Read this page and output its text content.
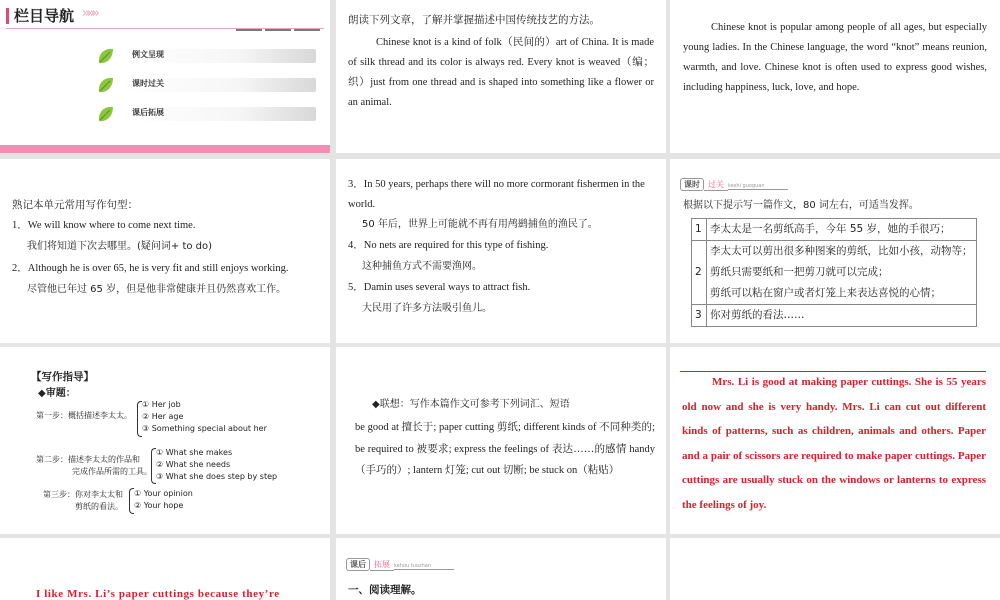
栏目导航 »»»
例文呈现
课时过关
课后拓展
朗读下列文章，了解并掌握描述中国传统技艺的方法。
Chinese knot is a kind of folk（民间的）art of China. It is made of silk thread and its color is always red. Every knot is weaved（编；织）just from one thread and is shaped into something like a flower or an animal.
Chinese knot is popular among people of all ages, but especially young ladies. In the Chinese language, the word “knot” means reunion, warmth, and love. Chinese knot is often used to express good wishes, including happiness, luck, love, and hope.
熟记本单元常用写作句型：
1．We will know where to come next time.
我们将知道下次去哪里。(疑问词+ to do)
2．Although he is over 65, he is very fit and still enjoys working.
尽管他已年过 65 岁，但是他非常健康并且仍然喜欢工作。
3．In 50 years, perhaps there will no more cormorant fishermen in the world.
50 年后，世界上可能就不再有用鸬鹚捕鱼的渔民了。
4．No nets are required for this type of fishing.
这种捕鱼方式不需要渔网。
5．Damin uses several ways to attract fish.
大民用了许多方法吸引鱼儿。
课时 过关 keshi guoguan
根据以下提示写一篇作文，80 词左右，可适当发挥。
1	李太太是一名剪纸高手，今年 55 岁，她的手很巧；

2	李太太可以剪出很多种图案的剪纸，比如小孩，动物等；
剪纸只需要纸和一把剪刀就可以完成；
剪纸可以粘在窗户或者灯笼上来表达喜悦的心情；

3	你对剪纸的看法……
【写作指导】
◆审题：
第一步：概括描述李太太。
① Her job
② Her age
③ Something special about her
第二步：描述李太太的作品和
完成作品所需的工具。
① What she makes
② What she needs
③ What she does step by step
第三步：你对李太太和
剪纸的看法。
① Your opinion
② Your hope
◆联想：写作本篇作文可参考下列词汇、短语
be good at 擅长于; paper cutting 剪纸; different kinds of 不同种类的; be required to 被要求; express the feelings of 表达……的感情 handy（手巧的）; lantern 灯笼; cut out 切断; be stuck on（粘贴）
Mrs. Li is good at making paper cuttings. She is 55 years old now and she is very handy. Mrs. Li can cut out different kinds of patterns, such as children, animals and others. Paper and a pair of scissors are required to make paper cuttings. Paper cuttings are usually stuck on the windows or lanterns to express the feelings of joy.
I like Mrs. Li’s paper cuttings because they’re
课后 拓展 kehou tuozhan
一、阅读理解。
